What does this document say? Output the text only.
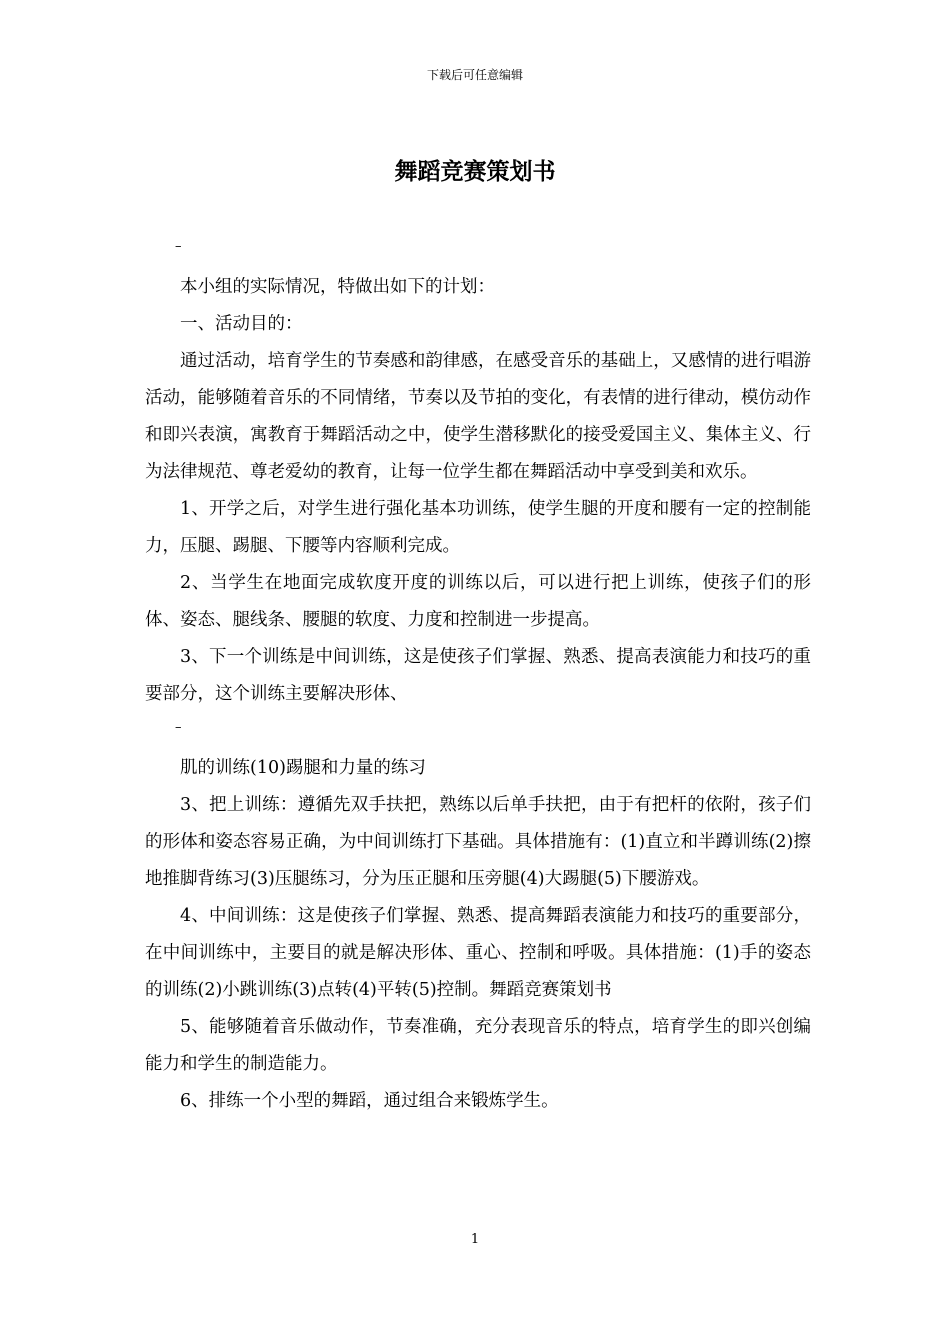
下载后可任意编辑
舞蹈竞赛策划书
–

本小组的实际情况，特做出如下的计划：

一、活动目的：

通过活动，培育学生的节奏感和韵律感，在感受音乐的基础上，又感情的进行唱游活动，能够随着音乐的不同情绪，节奏以及节拍的变化，有表情的进行律动，模仿动作和即兴表演，寓教育于舞蹈活动之中，使学生潜移默化的接受爱国主义、集体主义、行为法律规范、尊老爱幼的教育，让每一位学生都在舞蹈活动中享受到美和欢乐。

1、开学之后，对学生进行强化基本功训练，使学生腿的开度和腰有一定的控制能力，压腿、踢腿、下腰等内容顺利完成。

2、当学生在地面完成软度开度的训练以后，可以进行把上训练，使孩子们的形体、姿态、腿线条、腰腿的软度、力度和控制进一步提高。

3、下一个训练是中间训练，这是使孩子们掌握、熟悉、提高表演能力和技巧的重要部分，这个训练主要解决形体、

–

肌的训练(10)踢腿和力量的练习

3、把上训练：遵循先双手扶把，熟练以后单手扶把，由于有把杆的依附，孩子们的形体和姿态容易正确，为中间训练打下基础。具体措施有：(1)直立和半蹲训练(2)擦地推脚背练习(3)压腿练习，分为压正腿和压旁腿(4)大踢腿(5)下腰游戏。

4、中间训练：这是使孩子们掌握、熟悉、提高舞蹈表演能力和技巧的重要部分，在中间训练中，主要目的就是解决形体、重心、控制和呼吸。具体措施：(1)手的姿态的训练(2)小跳训练(3)点转(4)平转(5)控制。舞蹈竞赛策划书

5、能够随着音乐做动作，节奏准确，充分表现音乐的特点，培育学生的即兴创编能力和学生的制造能力。

6、排练一个小型的舞蹈，通过组合来锻炼学生。

1
